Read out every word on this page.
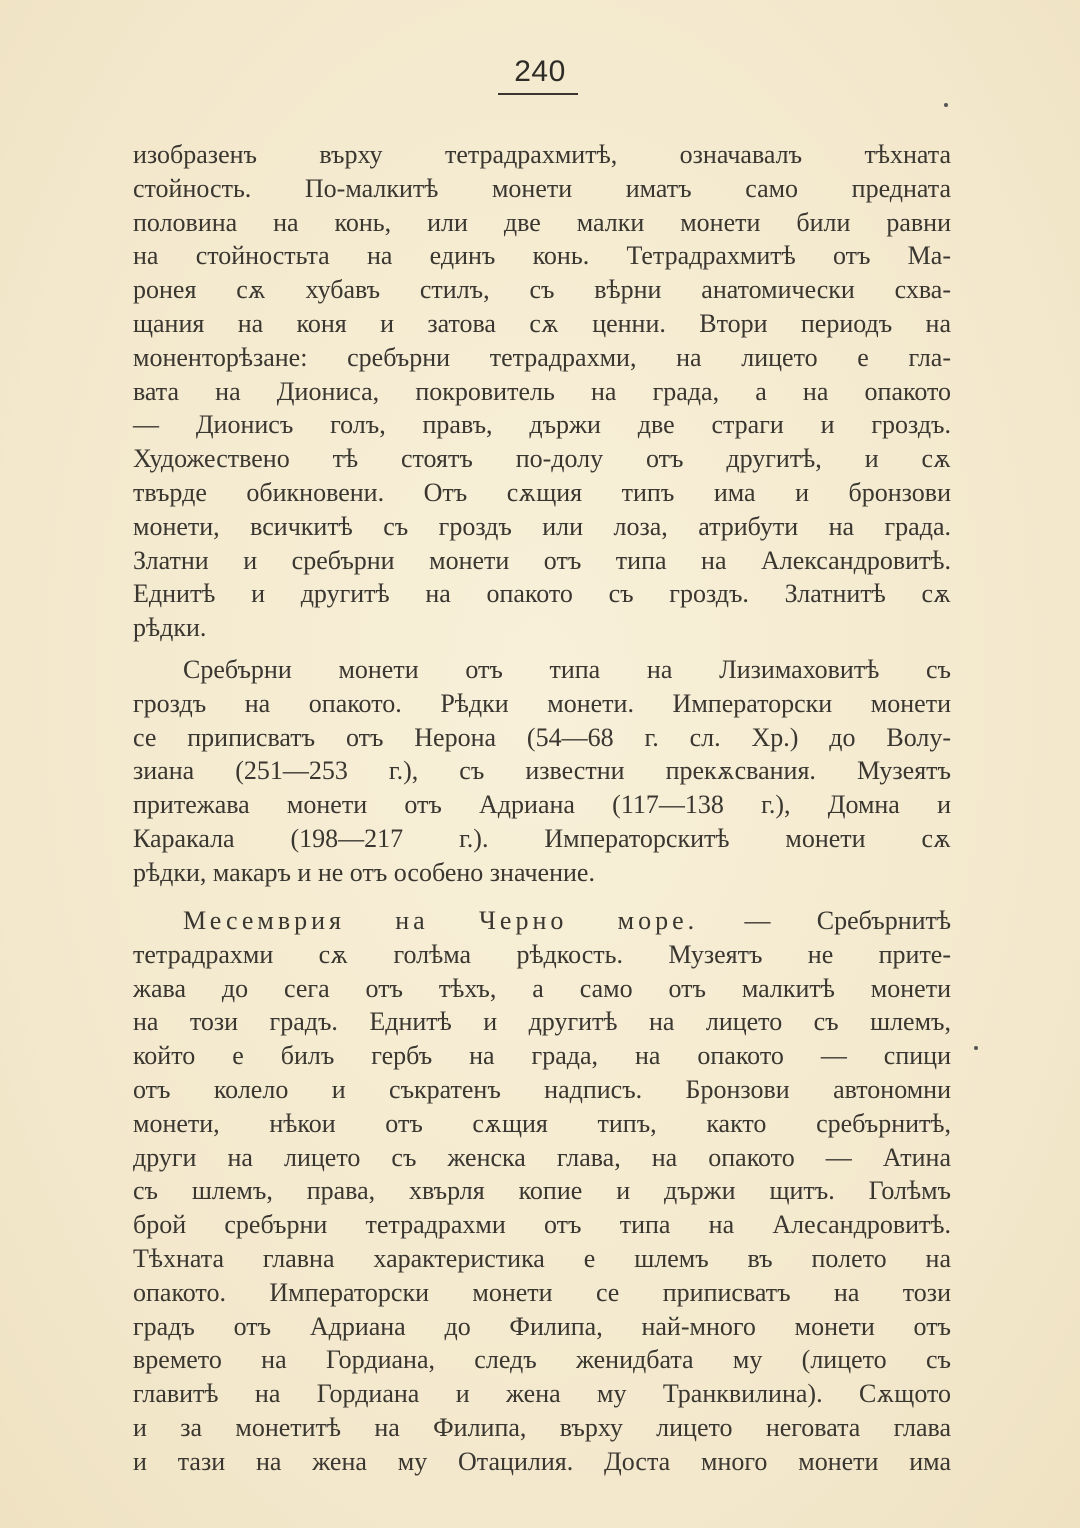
240
изобразенъ върху тетрадрахмитѣ, означавалъ тѣхната
стойность. По-малкитѣ монети иматъ само предната
половина на конь, или две малки монети били равни
на стойностьта на единъ конь. Тетрадрахмитѣ отъ Ма-
ронея сѫ хубавъ стилъ, съ вѣрни анатомически схва-
щания на коня и затова сѫ ценни. Втори периодъ на
моненторѣзане: сребърни тетрадрахми, на лицето е гла-
вата на Диониса, покровитель на града, а на опакото
— Дионисъ голъ, правъ, държи две страги и гроздъ.
Художествено тѣ стоятъ по-долу отъ другитѣ, и сѫ
твърде обикновени. Отъ сѫщия типъ има и бронзови
монети, всичкитѣ съ гроздъ или лоза, атрибути на града.
Златни и сребърни монети отъ типа на Александровитѣ.
Еднитѣ и другитѣ на опакото съ гроздъ. Златнитѣ сѫ
рѣдки.
Сребърни монети отъ типа на Лизимаховитѣ съ
гроздъ на опакото. Рѣдки монети. Императорски монети
се приписватъ отъ Нерона (54—68 г. сл. Хр.) до Волу-
зиана (251—253 г.), съ известни прекѫсвания. Музеятъ
притежава монети отъ Адриана (117—138 г.), Домна и
Каракала (198—217 г.). Императорскитѣ монети сѫ
рѣдки, макаръ и не отъ особено значение.
Месемврия на Черно море. — Сребърнитѣ
тетрадрахми сѫ голѣма рѣдкость. Музеятъ не прите-
жава до сега отъ тѣхъ, а само отъ малкитѣ монети
на този градъ. Еднитѣ и другитѣ на лицето съ шлемъ,
който е билъ гербъ на града, на опакото — спици
отъ колело и съкратенъ надписъ. Бронзови автономни
монети, нѣкои отъ сѫщия типъ, както сребърнитѣ,
други на лицето съ женска глава, на опакото — Атина
съ шлемъ, права, хвърля копие и държи щитъ. Голѣмъ
брой сребърни тетрадрахми отъ типа на Алесандровитѣ.
Тѣхната главна характеристика е шлемъ въ полето на
опакото. Императорски монети се приписватъ на този
градъ отъ Адриана до Филипа, най-много монети отъ
времето на Гордиана, следъ женидбата му (лицето съ
главитѣ на Гордиана и жена му Транквилина). Сѫщото
и за монетитѣ на Филипа, върху лицето неговата глава
и тази на жена му Отацилия. Доста много монети има
